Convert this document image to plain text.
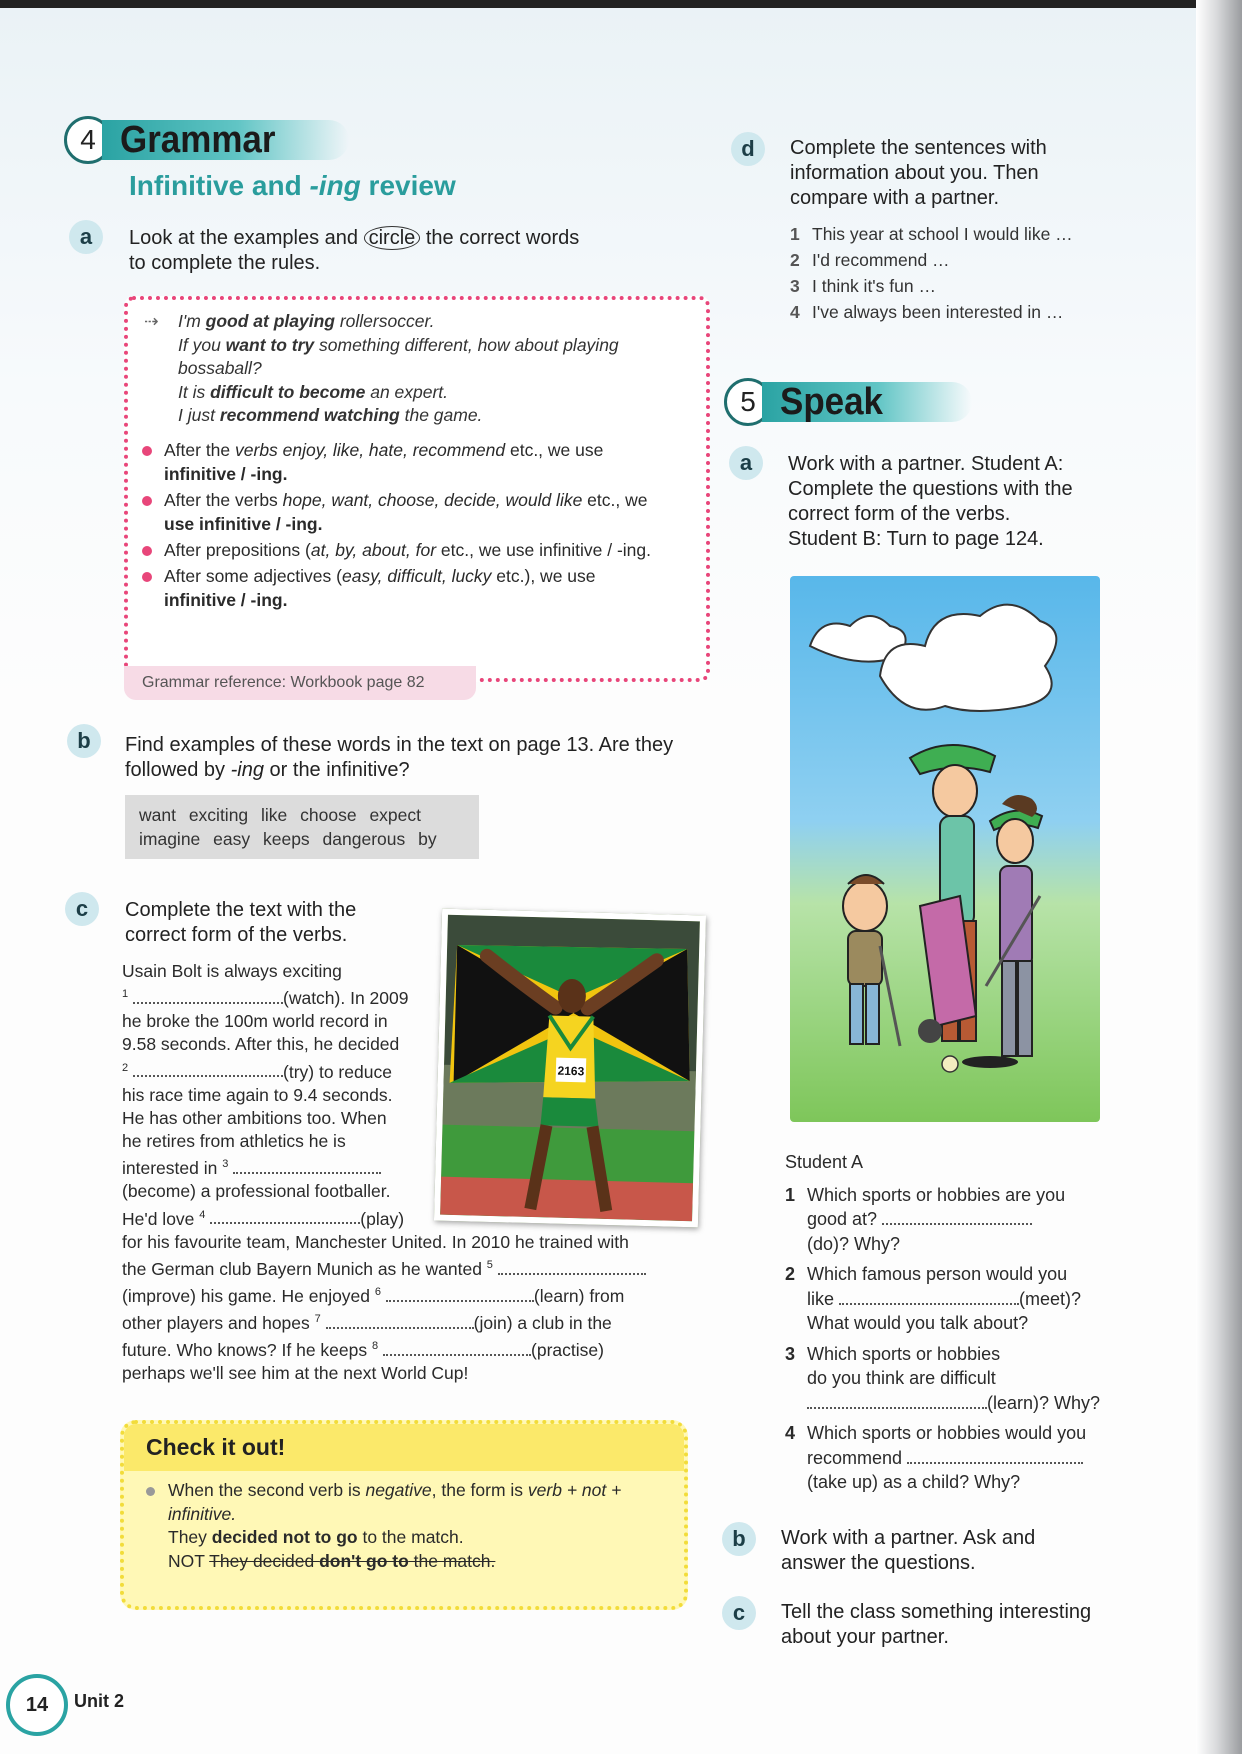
4 Grammar
Infinitive and -ing review
a	Look at the examples and circle the correct words
to complete the rules.
⇢ I'm good at playing rollersoccer.
If you want to try something different, how about playing
bossaball?
It is difficult to become an expert.
I just recommend watching the game.
After the verbs enjoy, like, hate, recommend etc., we use
infinitive / -ing.
After the verbs hope, want, choose, decide, would like etc., we
use infinitive / -ing.
After prepositions (at, by, about, for etc., we use infinitive / -ing.
After some adjectives (easy, difficult, lucky etc.), we use
infinitive / -ing.
Grammar reference: Workbook page 82
b	Find examples of these words in the text on page 13. Are they
followed by -ing or the infinitive?
want exciting like choose expect
imagine easy keeps dangerous by
c	Complete the text with the
correct form of the verbs.
2163
Usain Bolt is always exciting
$^1$	(watch). In 2009
he broke the 100m world record in
9.58 seconds. After this, he decided
$^2$	(try) to reduce
his race time again to 9.4 seconds.
He has other ambitions too. When
he retires from athletics he is
interested in $^3$
(become) a professional footballer.
He'd love $^4$	(play)
for his favourite team, Manchester United. In 2010 he trained with
the German club Bayern Munich as he wanted $^5$
(improve) his game. He enjoyed $^6$	(learn) from
other players and hopes $^7$	(join) a club in the
future. Who knows? If he keeps $^8$	(practise)
perhaps we'll see him at the next World Cup!
Check it out!
When the second verb is negative, the form is verb + not +
infinitive.
They decided not to go to the match.
NOT They decided don't go to the match.
d	Complete the sentences with
information about you. Then
compare with a partner.
1 This year at school I would like …
2 I'd recommend …
3 I think it's fun …
4 I've always been interested in …
5 Speak
a	Work with a partner. Student A:
Complete the questions with the
correct form of the verbs.
Student B: Turn to page 124.
Student A
1 Which sports or hobbies are you
good at?
(do)? Why?
2 Which famous person would you
like	(meet)?
What would you talk about?
3 Which sports or hobbies
do you think are difficult
(learn)? Why?
4 Which sports or hobbies would you
recommend
(take up) as a child? Why?
b	Work with a partner. Ask and
answer the questions.
c	Tell the class something interesting
about your partner.
14	Unit 2
